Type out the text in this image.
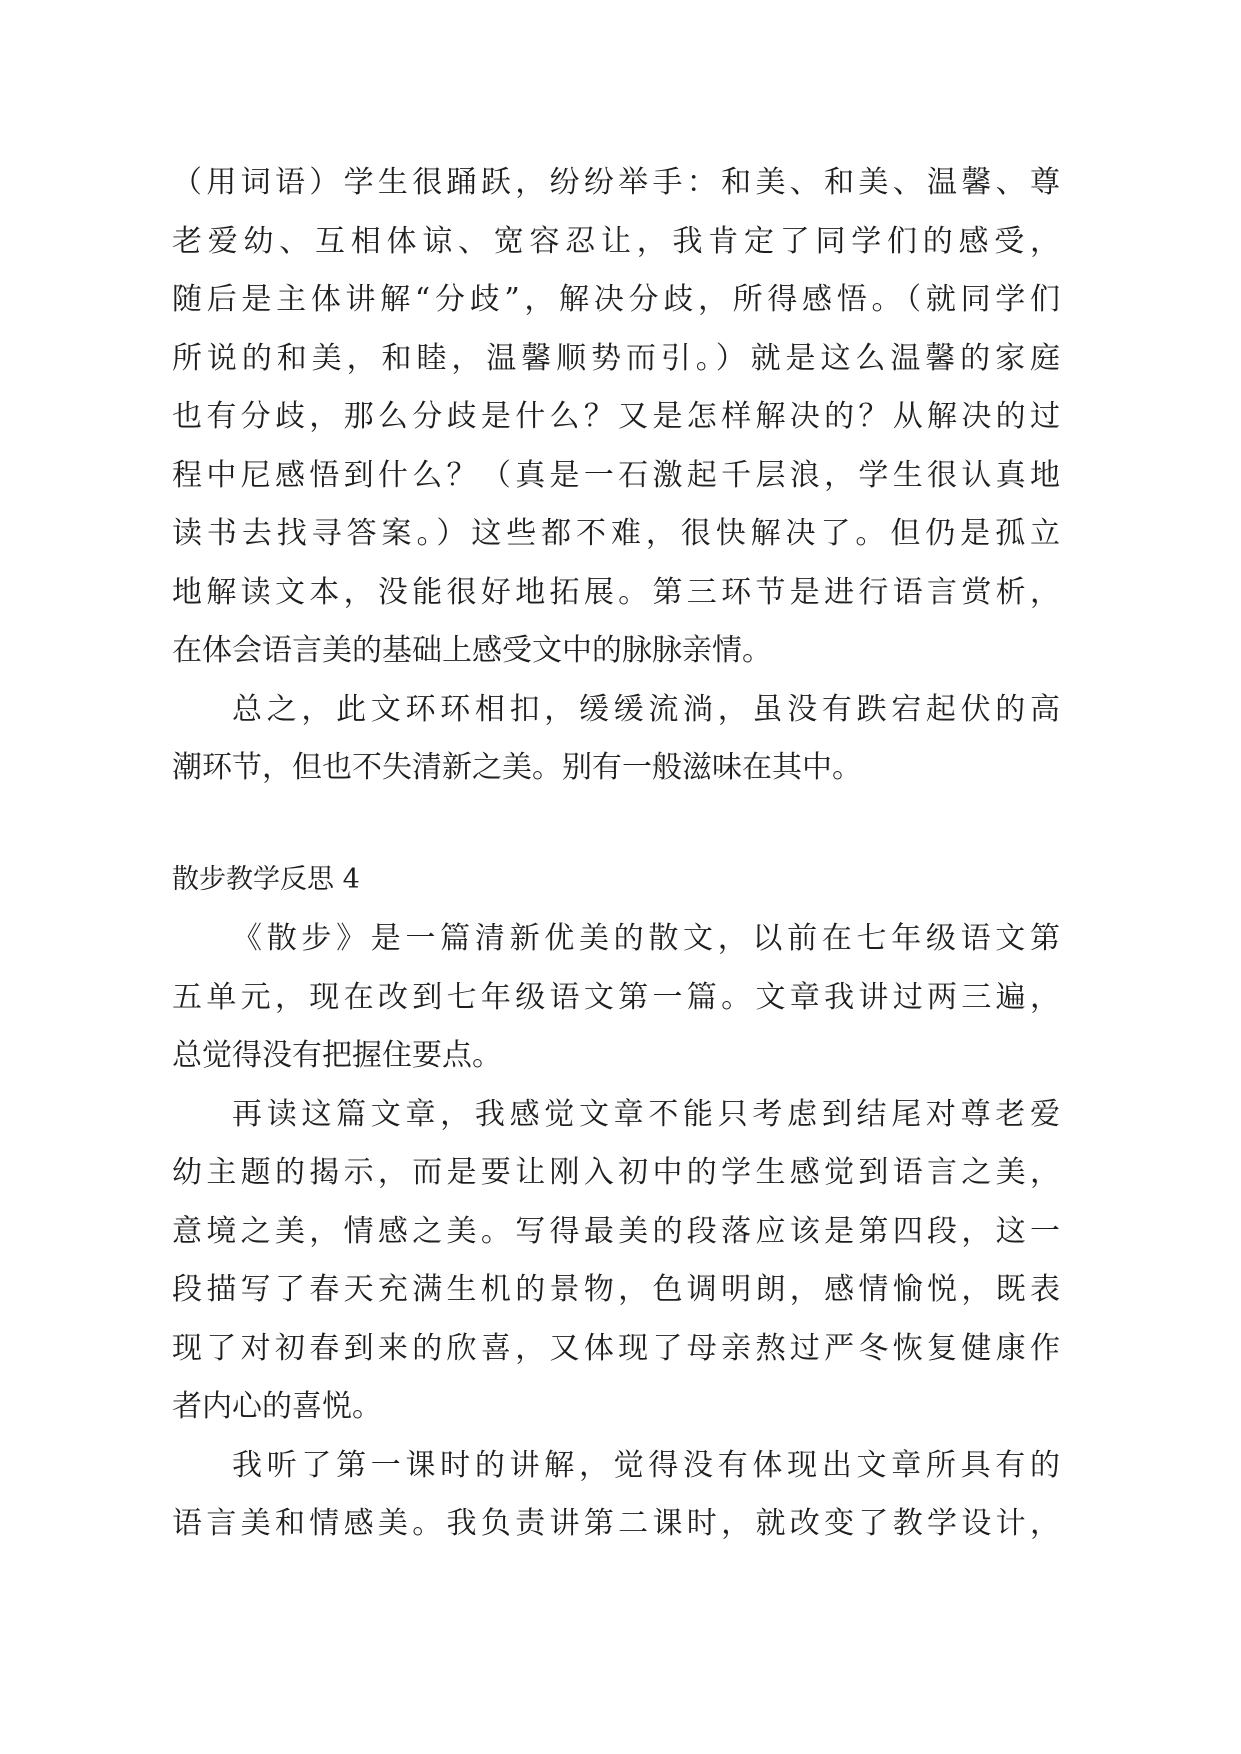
（用词语）学生很踊跃，纷纷举手：和美、和美、温馨、尊
老爱幼、互相体谅、宽容忍让，我肯定了同学们的感受，
随后是主体讲解“分歧”，解决分歧，所得感悟。（就同学们
所说的和美，和睦，温馨顺势而引。）就是这么温馨的家庭
也有分歧，那么分歧是什么？又是怎样解决的？从解决的过
程中尼感悟到什么？（真是一石激起千层浪，学生很认真地
读书去找寻答案。）这些都不难，很快解决了。但仍是孤立
地解读文本，没能很好地拓展。第三环节是进行语言赏析，
在体会语言美的基础上感受文中的脉脉亲情。
总之，此文环环相扣，缓缓流淌，虽没有跌宕起伏的高
潮环节，但也不失清新之美。别有一般滋味在其中。
散步教学反思 4
《散步》是一篇清新优美的散文，以前在七年级语文第
五单元，现在改到七年级语文第一篇。文章我讲过两三遍，
总觉得没有把握住要点。
再读这篇文章，我感觉文章不能只考虑到结尾对尊老爱
幼主题的揭示，而是要让刚入初中的学生感觉到语言之美，
意境之美，情感之美。写得最美的段落应该是第四段，这一
段描写了春天充满生机的景物，色调明朗，感情愉悦，既表
现了对初春到来的欣喜，又体现了母亲熬过严冬恢复健康作
者内心的喜悦。
我听了第一课时的讲解，觉得没有体现出文章所具有的
语言美和情感美。我负责讲第二课时，就改变了教学设计，
